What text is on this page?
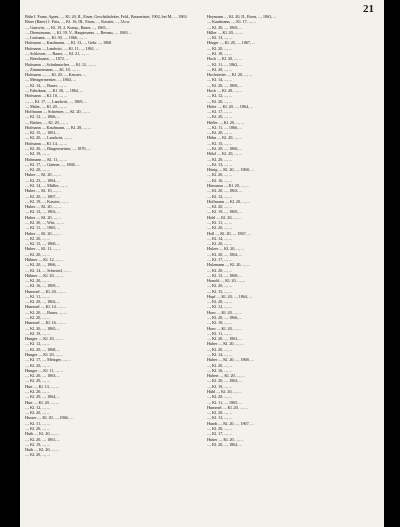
21

Bähr I. Franz, Agent, ..., Kl. 20, II., Eisen, Geschäftsleiter, Feld., Baumeister, 1902, bei M., ... 1863

Bärer (Bärer) J. Fritz, ..., Kl. 16, III., Eisen, ..., Kassier, ..., 3.b.w.

..., Gastwirt, ..., Kl. 19, 2. Komp., Bauer, ..., 1865, ...

..., Dienstmann, ..., Kl. 19, V., Hauptmann, ..., Bernau, ..., 1863 ...

..., Leutnant, ..., Kl. 30, ..., 1866, ..., ...

Hofmann ..., Kaufmann, ..., Kl. 13, ..., Gebr. ..., 1868

Hofmann ..., Landwirt, ..., Kl. 11, ..., 1861, ...

..., Schlosser, ..., Bauer, ..., Kl. 21, ..., ...

..., Bezirksamt, ..., 1872, ...

Hofmann ..., Schuhmacher, ..., Kl. 12, ..., ...

..., Zimmermann, ..., Kl. 18, ..., ...

Hofmann ..., ..., Kl. 20, ..., Kassier, ...

..., Metzgermeister, ..., 1864, ...

..., Kl. 14, ..., Bauer, ..., ...

..., Fabrikant, ..., Kl. 30, ..., 1862, ...

Hofmann ..., Kl. 10, ..., ...

..., ..., Kl. 17, ..., Landwirt, ..., 1869, ...

..., Maler, ..., Kl. 20, ..., ...

Hoffmann ..., Schreiner, ..., Kl. 20, ..., ...

..., Kl. 12, ..., 1866, ...

..., Bäcker, ..., Kl. 20, ..., ...

Hofmann ..., Kaufmann, ..., Kl. 28, ..., ...

..., Kl. 15, ..., 1861, ...

..., Kl. 20, ..., Landwirt, ..., ...

Hofmann ..., Kl. 14, ..., ...

..., Kl. 20, ..., Bürgermeister, ..., 1870, ...

..., Kl. 19, ..., ...

Hohmann ..., Kl. 11, ..., ...

..., Kl. 17, ..., Gärtner, ..., 1868, ...

..., Kl. 20, ..., ...

Huber ..., Kl. 20, ..., ...

..., Kl. 23, ..., 1864, ...

..., Kl. 14, ..., Müller, ..., ...

Huber ..., Kl. 10, ..., ...

..., Kl. 20, ..., 1867, ...

..., Kl. 19, ..., Kassier, ..., ...

Huber ..., Kl. 20, ..., ...

..., Kl. 13, ..., 1863, ...

Huber ..., Kl. 20, ..., ...

..., Kl. 30, ..., Wirt, ..., ...

..., Kl. 11, ..., 1865, ...

Huber ..., Kl. 20, ..., ...

..., Kl. 20, ..., ...

..., Kl. 15, ..., 1860, ...

Huber ..., Kl. 11, ..., ...

..., Kl. 20, ..., ...

Hübner ..., Kl. 12, ..., ...

..., Kl. 20, ..., 1866, ...

..., Kl. 14, ..., Schmied, ..., ...

Hübner ..., Kl. 20, ..., ...

..., Kl. 20, ..., ...

..., Kl. 16, ..., 1869, ...

Hummel ..., Kl. 20, ..., ...

..., Kl. 11, ..., ...

..., Kl. 20, ..., 1862, ...

Hummel ..., Kl. 14, ..., ...

..., Kl. 20, ..., Bauer, ..., ...

..., Kl. 20, ..., ...

Hummel ..., Kl. 16, ..., ...

..., Kl. 20, ..., 1865, ...

..., Kl. 19, ..., ...

Hunger ..., Kl. 20, ..., ...

..., Kl. 12, ..., ...

..., Kl. 20, ..., 1868, ...

Hunger ..., Kl. 20, ..., ...

..., Kl. 17, ..., Metzger, ..., ...

..., Kl. 20, ..., ...

Hunger ..., Kl. 11, ..., ...

..., Kl. 20, ..., 1863, ...

..., Kl. 20, ..., ...

Hurt ..., Kl. 13, ..., ...

..., Kl. 20, ..., ...

..., Kl. 20, ..., 1864, ...

Hurt ..., Kl. 20, ..., ...

..., Kl. 12, ..., ...

..., Kl. 20, ..., ...

Husser ..., Kl. 20, ..., 1866, ...

..., Kl. 11, ..., ...

..., Kl. 20, ..., ...

Huth ..., Kl. 20, ..., ...

..., Kl. 20, ..., 1861, ...

..., Kl. 19, ..., ...

Huth ..., Kl. 20, ..., ...

..., Kl. 20, ..., ...

Heymann ..., Kl. 20, II., Eisen, ..., 1863, ...

..., Kaufmann, ..., Kl. 17, ..., ...

..., Kl. 20, ..., 1865, ...

Hiller ..., Kl. 20, ..., ...

..., Kl. 13, ..., ...

Hörger ..., Kl. 20, ..., 1867, ...

..., Kl. 20, ..., ...

..., Kl. 18, ..., ...

Hoch ..., Kl. 20, ..., ...

..., Kl. 11, ..., 1862, ...

..., Kl. 20, ..., ...

Hochstetter ..., Kl. 20, ..., ...

..., Kl. 14, ..., ...

..., Kl. 20, ..., 1869, ...

Hock ..., Kl. 20, ..., ...

..., Kl. 12, ..., ...

..., Kl. 20, ..., ...

Höfer ..., Kl. 20, ..., 1864, ...

..., Kl. 17, ..., ...

..., Kl. 20, ..., ...

Höfler ..., Kl. 20, ..., ...

..., Kl. 11, ..., 1866, ...

..., Kl. 20, ..., ...

Höhn ..., Kl. 20, ..., ...

..., Kl. 15, ..., ...

..., Kl. 20, ..., 1860, ...

Hölzl ..., Kl. 20, ..., ...

..., Kl. 20, ..., ...

..., Kl. 13, ..., ...

Hönig ..., Kl. 20, ..., 1868, ...

..., Kl. 20, ..., ...

..., Kl. 16, ..., ...

Hörmann ..., Kl. 20, ..., ...

..., Kl. 20, ..., 1863, ...

..., Kl. 12, ..., ...

Hoffmann ..., Kl. 20, ..., ...

..., Kl. 20, ..., ...

..., Kl. 19, ..., 1865, ...

Hohl ..., Kl. 20, ..., ...

..., Kl. 11, ..., ...

..., Kl. 20, ..., ...

Holl ..., Kl. 20, ..., 1867, ...

..., Kl. 14, ..., ...

..., Kl. 20, ..., ...

Holzer ..., Kl. 20, ..., ...

..., Kl. 20, ..., 1862, ...

..., Kl. 17, ..., ...

Holzmann ..., Kl. 20, ..., ...

..., Kl. 20, ..., ...

..., Kl. 13, ..., 1869, ...

Honold ..., Kl. 20, ..., ...

..., Kl. 20, ..., ...

..., Kl. 15, ..., ...

Hopf ..., Kl. 20, ..., 1864, ...

..., Kl. 20, ..., ...

..., Kl. 12, ..., ...

Horn ..., Kl. 20, ..., ...

..., Kl. 20, ..., 1866, ...

..., Kl. 18, ..., ...

Horn ..., Kl. 20, ..., ...

..., Kl. 11, ..., ...

..., Kl. 20, ..., 1861, ...

Huber ..., Kl. 20, ..., ...

..., Kl. 20, ..., ...

..., Kl. 14, ..., ...

Huber ..., Kl. 20, ..., 1868, ...

..., Kl. 20, ..., ...

..., Kl. 16, ..., ...

Hubert ..., Kl. 20, ..., ...

..., Kl. 20, ..., 1863, ...

..., Kl. 19, ..., ...

Hübl ..., Kl. 20, ..., ...

..., Kl. 20, ..., ...

..., Kl. 11, ..., 1865, ...

Hummel ..., Kl. 20, ..., ...

..., Kl. 20, ..., ...

..., Kl. 13, ..., ...

Hundt ..., Kl. 20, ..., 1867, ...

..., Kl. 20, ..., ...

..., Kl. 17, ..., ...

Hutter ..., Kl. 20, ..., ...

..., Kl. 20, ..., 1862, ...
